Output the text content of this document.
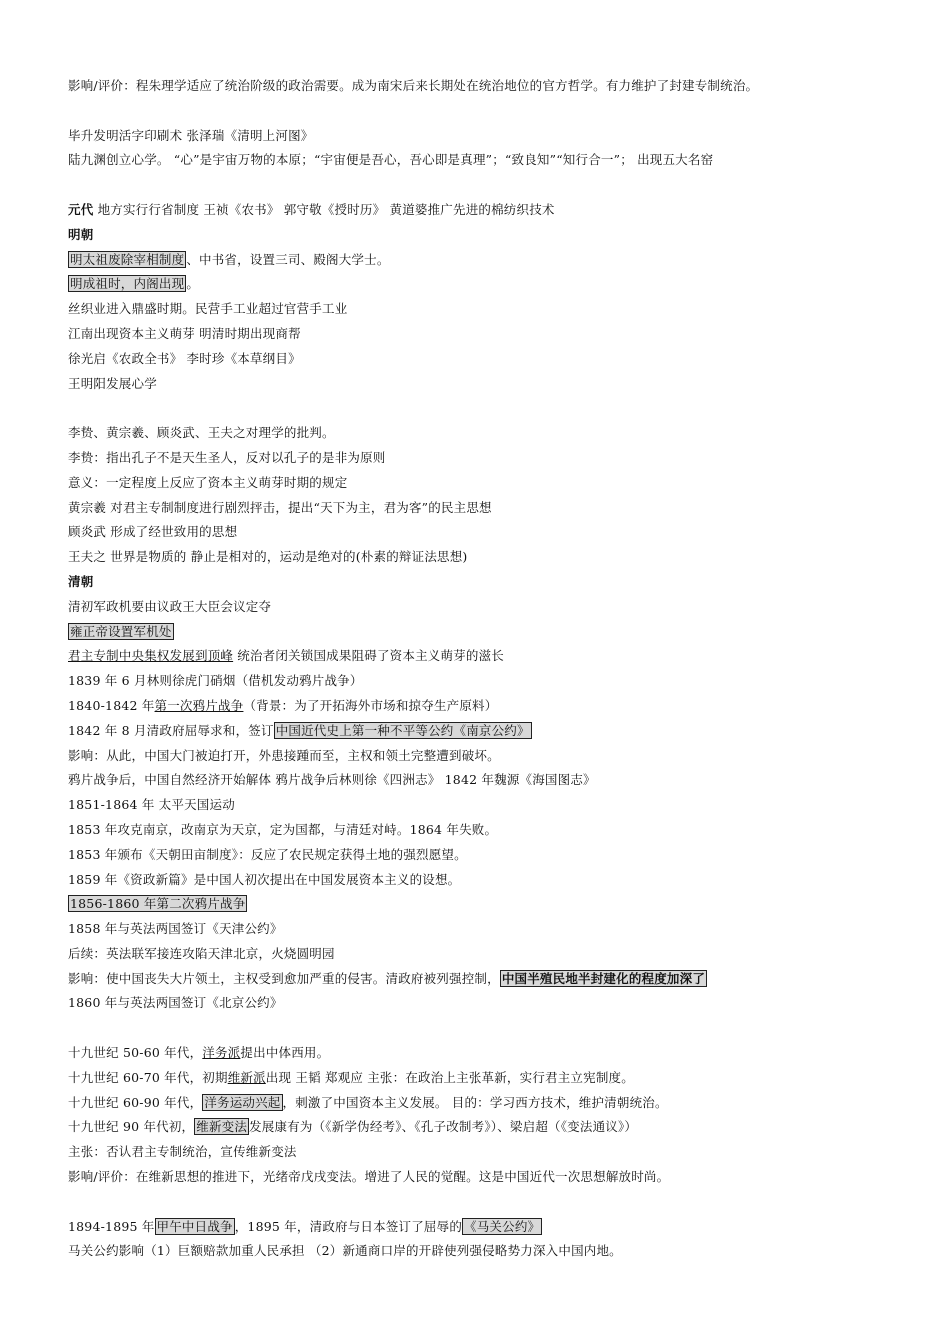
影响/评价：程朱理学适应了统治阶级的政治需要。成为南宋后来长期处在统治地位的官方哲学。有力维护了封建专制统治。
毕升发明活字印刷术 张泽瑞《清明上河图》
陆九渊创立心学。 “心”是宇宙万物的本原；“宇宙便是吾心，吾心即是真理”；“致良知”“知行合一”； 出现五大名窑
元代 地方实行行省制度 王祯《农书》 郭守敬《授时历》 黄道婆推广先进的棉纺织技术
明朝
明太祖废除宰相制度 、中书省，设置三司、殿阁大学士。
明成祖时，内阁出现 。
丝织业进入鼎盛时期。民营手工业超过官营手工业
江南出现资本主义萌芽 明清时期出现商帮
徐光启《农政全书》 李时珍《本草纲目》
王明阳发展心学
李贽、黄宗羲、顾炎武、王夫之对理学的批判。
李贽：指出孔子不是天生圣人，反对以孔子的是非为原则
意义：一定程度上反应了资本主义萌芽时期的规定
黄宗羲 对君主专制制度进行剧烈抨击，提出“天下为主，君为客”的民主思想
顾炎武 形成了经世致用的思想
王夫之 世界是物质的 静止是相对的，运动是绝对的(朴素的辩证法思想)
清朝
清初军政机要由议政王大臣会议定夺
雍正帝设置军机处
君主专制中央集权发展到顶峰 统治者闭关锁国成果阻碍了资本主义萌芽的滋长
1839 年 6 月林则徐虎门硝烟（借机发动鸦片战争）
1840-1842 年第一次鸦片战争（背景：为了开拓海外市场和掠夺生产原料）
1842 年 8 月清政府屈辱求和，签订 中国近代史上第一种不平等公约《南京公约》
影响：从此，中国大门被迫打开，外患接踵而至，主权和领土完整遭到破坏。
鸦片战争后，中国自然经济开始解体 鸦片战争后林则徐《四洲志》 1842 年魏源《海国图志》
1851-1864 年 太平天国运动
1853 年攻克南京，改南京为天京，定为国都，与清廷对峙。1864 年失败。
1853 年颁布《天朝田亩制度》：反应了农民规定获得土地的强烈愿望。
1859 年《资政新篇》是中国人初次提出在中国发展资本主义的设想。
1856-1860 年第二次鸦片战争
1858 年与英法两国签订《天津公约》
后续：英法联军接连攻陷天津北京，火烧圆明园
影响：使中国丧失大片领土，主权受到愈加严重的侵害。清政府被列强控制， 中国半殖民地半封建化的程度加深了
1860 年与英法两国签订《北京公约》
十九世纪 50-60 年代，洋务派提出中体西用。
十九世纪 60-70 年代，初期维新派出现 王韬 郑观应 主张：在政治上主张革新，实行君主立宪制度。
十九世纪 60-90 年代， 洋务运动兴起 ，刺激了中国资本主义发展。 目的：学习西方技术，维护清朝统治。
十九世纪 90 年代初， 维新变法 发展康有为（《新学伪经考》、《孔子改制考》）、梁启超（《变法通议》）
主张：否认君主专制统治，宣传维新变法
影响/评价：在维新思想的推进下，光绪帝戊戌变法。增进了人民的觉醒。这是中国近代一次思想解放时尚。
1894-1895 年 甲午中日战争 ，1895 年，清政府与日本签订了屈辱的 《马关公约》
马关公约影响（1）巨额赔款加重人民承担 （2）新通商口岸的开辟使列强侵略势力深入中国内地。
